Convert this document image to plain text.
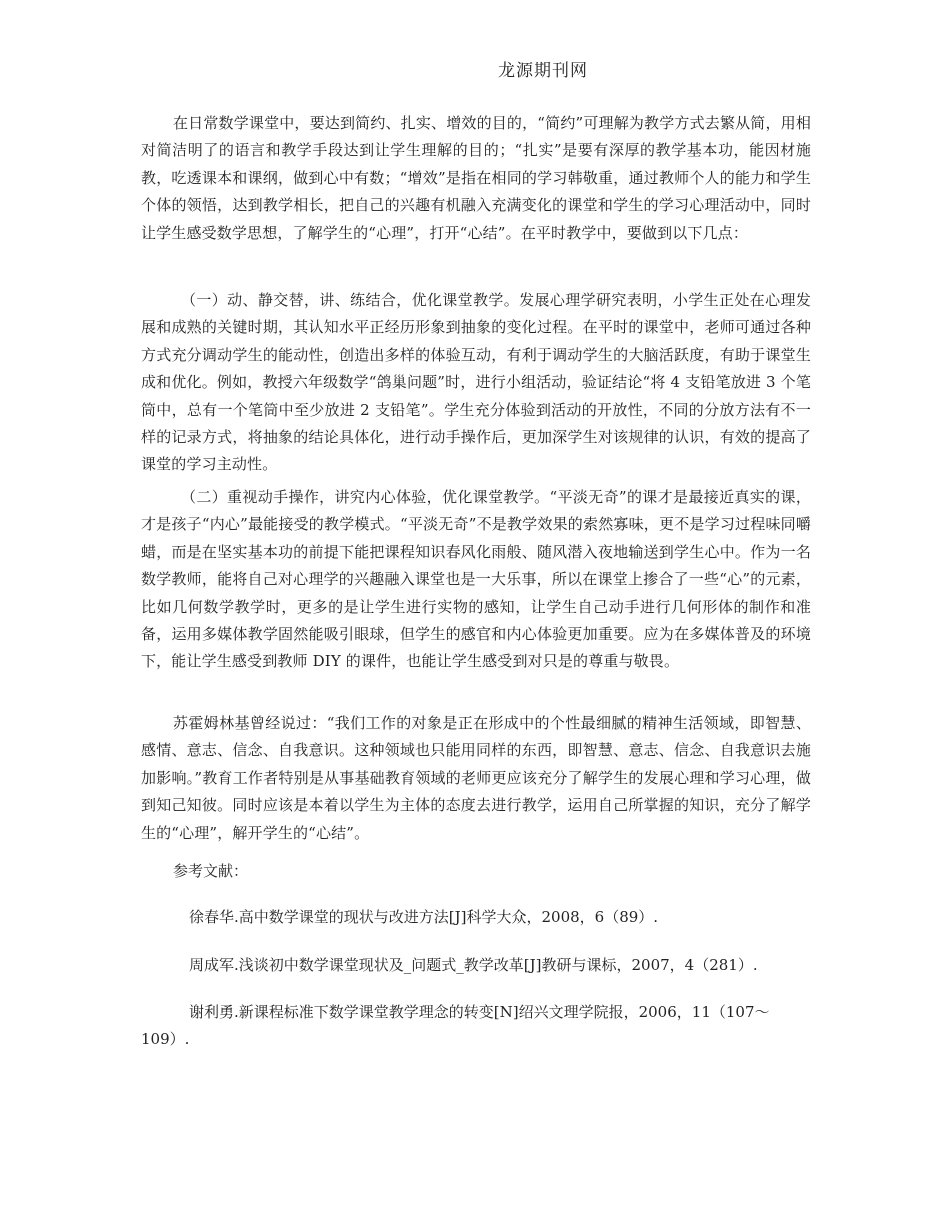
龙源期刊网

在日常数学课堂中，要达到简约、扎实、增效的目的，“简约”可理解为教学方式去繁从简，用相对简洁明了的语言和教学手段达到让学生理解的目的；“扎实”是要有深厚的教学基本功，能因材施教，吃透课本和课纲，做到心中有数；“增效”是指在相同的学习韩敬重，通过教师个人的能力和学生个体的领悟，达到教学相长，把自己的兴趣有机融入充满变化的课堂和学生的学习心理活动中，同时让学生感受数学思想，了解学生的“心理”，打开“心结”。在平时教学中，要做到以下几点：

（一）动、静交替，讲、练结合，优化课堂教学。发展心理学研究表明，小学生正处在心理发展和成熟的关键时期，其认知水平正经历形象到抽象的变化过程。在平时的课堂中，老师可通过各种方式充分调动学生的能动性，创造出多样的体验互动，有利于调动学生的大脑活跃度，有助于课堂生成和优化。例如，教授六年级数学“鸽巢问题”时，进行小组活动，验证结论“将 4 支铅笔放进 3 个笔筒中，总有一个笔筒中至少放进 2 支铅笔”。学生充分体验到活动的开放性，不同的分放方法有不一样的记录方式，将抽象的结论具体化，进行动手操作后，更加深学生对该规律的认识，有效的提高了课堂的学习主动性。

（二）重视动手操作，讲究内心体验，优化课堂教学。“平淡无奇”的课才是最接近真实的课，才是孩子“内心”最能接受的教学模式。“平淡无奇”不是教学效果的索然寡味，更不是学习过程味同嚼蜡，而是在坚实基本功的前提下能把课程知识春风化雨般、随风潜入夜地输送到学生心中。作为一名数学教师，能将自己对心理学的兴趣融入课堂也是一大乐事，所以在课堂上掺合了一些“心”的元素，比如几何数学教学时，更多的是让学生进行实物的感知，让学生自己动手进行几何形体的制作和准备，运用多媒体教学固然能吸引眼球，但学生的感官和内心体验更加重要。应为在多媒体普及的环境下，能让学生感受到教师 DIY 的课件，也能让学生感受到对只是的尊重与敬畏。

苏霍姆林基曾经说过：“我们工作的对象是正在形成中的个性最细腻的精神生活领域，即智慧、感情、意志、信念、自我意识。这种领域也只能用同样的东西，即智慧、意志、信念、自我意识去施加影响。”教育工作者特别是从事基础教育领域的老师更应该充分了解学生的发展心理和学习心理，做到知己知彼。同时应该是本着以学生为主体的态度去进行教学，运用自己所掌握的知识，充分了解学生的“心理”，解开学生的“心结”。

参考文献：

徐春华.高中数学课堂的现状与改进方法[J]科学大众，2008，6（89）.

周成军.浅谈初中数学课堂现状及_问题式_教学改革[J]教研与课标，2007，4（281）.

谢利勇.新课程标准下数学课堂教学理念的转变[N]绍兴文理学院报，2006，11（107～109）.
